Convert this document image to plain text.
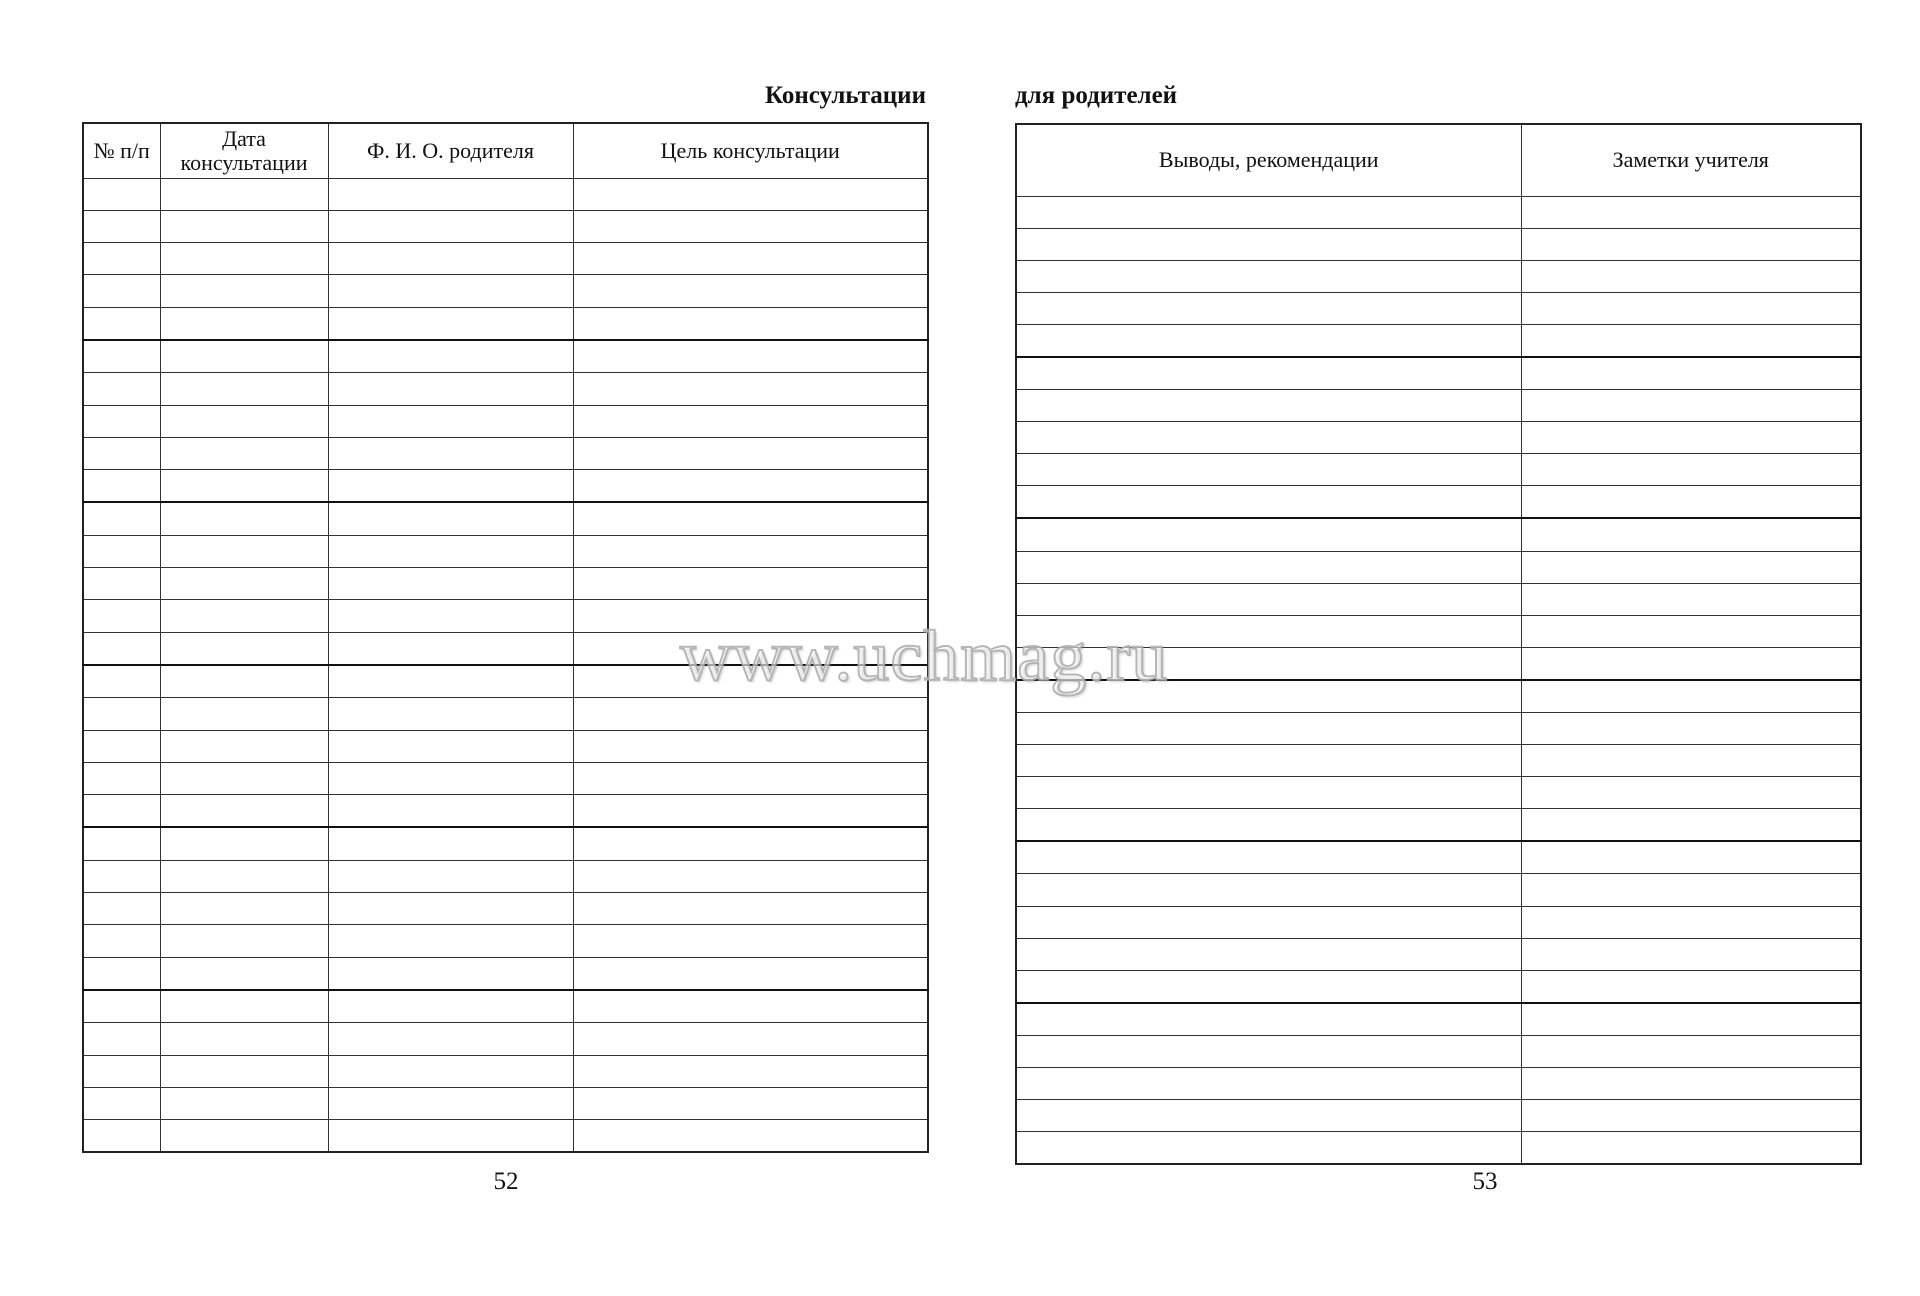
Консультации
№ п/п	Дата консультации	Ф. И. О. родителя	Цель консультации

52
для родителей
Выводы, рекомендации	Заметки учителя

53
www.uchmag.ru
